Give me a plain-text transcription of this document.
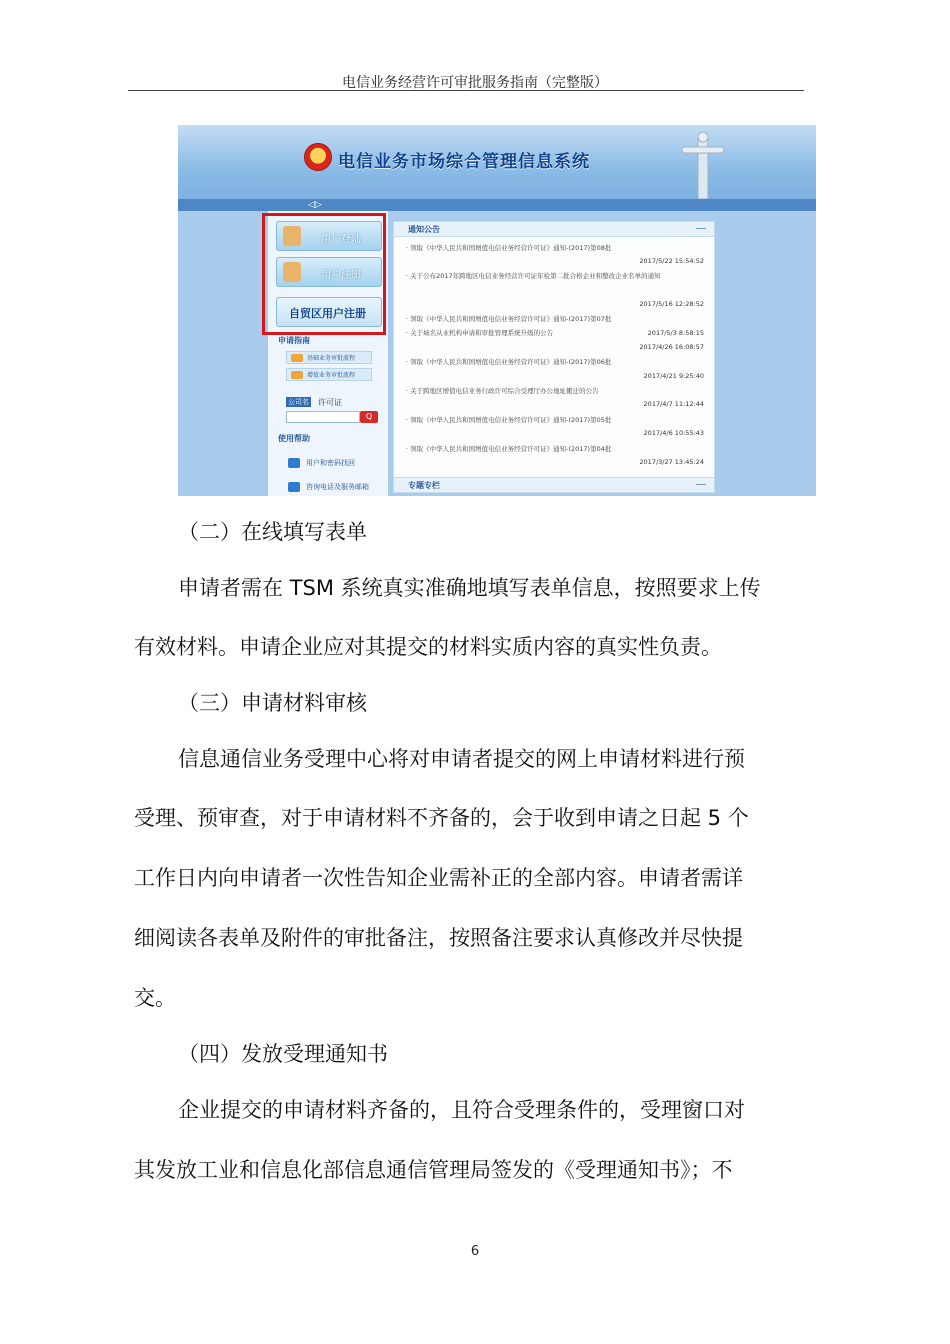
电信业务经营许可审批服务指南（完整版）
电信业务市场综合管理信息系统
◁▷
用户登陆
用户注册
自贸区用户注册
申请指南
基础业务审批流程
增值业务审批流程
公司名 许可证
Q
使用帮助
用户和密码找回
咨询电话及服务邮箱
通知公告
· 领取《中华人民共和国增值电信业务经营许可证》通知-(2017)第08批
2017/5/22 15:54:52
· 关于公布2017年跨地区电信业务经营许可证年检第二批合格企业和整改企业名单的通知
2017/5/16 12:28:52
· 领取《中华人民共和国增值电信业务经营许可证》通知-(2017)第07批
· 关于域名从业机构申请和审批管理系统升级的公告	2017/5/3 8:58:15
2017/4/26 16:08:57
· 领取《中华人民共和国增值电信业务经营许可证》通知-(2017)第06批
2017/4/21 9:25:40
· 关于跨地区增值电信业务行政许可综合受理厅办公地址搬迁的公告
2017/4/7 11:12:44
· 领取《中华人民共和国增值电信业务经营许可证》通知-(2017)第05批
2017/4/6 10:55:43
· 领取《中华人民共和国增值电信业务经营许可证》通知-(2017)第04批
2017/3/27 13:45:24
专题专栏
（二）在线填写表单
申请者需在 TSM 系统真实准确地填写表单信息，按照要求上传
有效材料。申请企业应对其提交的材料实质内容的真实性负责。
（三）申请材料审核
信息通信业务受理中心将对申请者提交的网上申请材料进行预
受理、预审查，对于申请材料不齐备的，会于收到申请之日起 5 个
工作日内向申请者一次性告知企业需补正的全部内容。申请者需详
细阅读各表单及附件的审批备注，按照备注要求认真修改并尽快提
交。
（四）发放受理通知书
企业提交的申请材料齐备的，且符合受理条件的，受理窗口对
其发放工业和信息化部信息通信管理局签发的《受理通知书》；不
6
